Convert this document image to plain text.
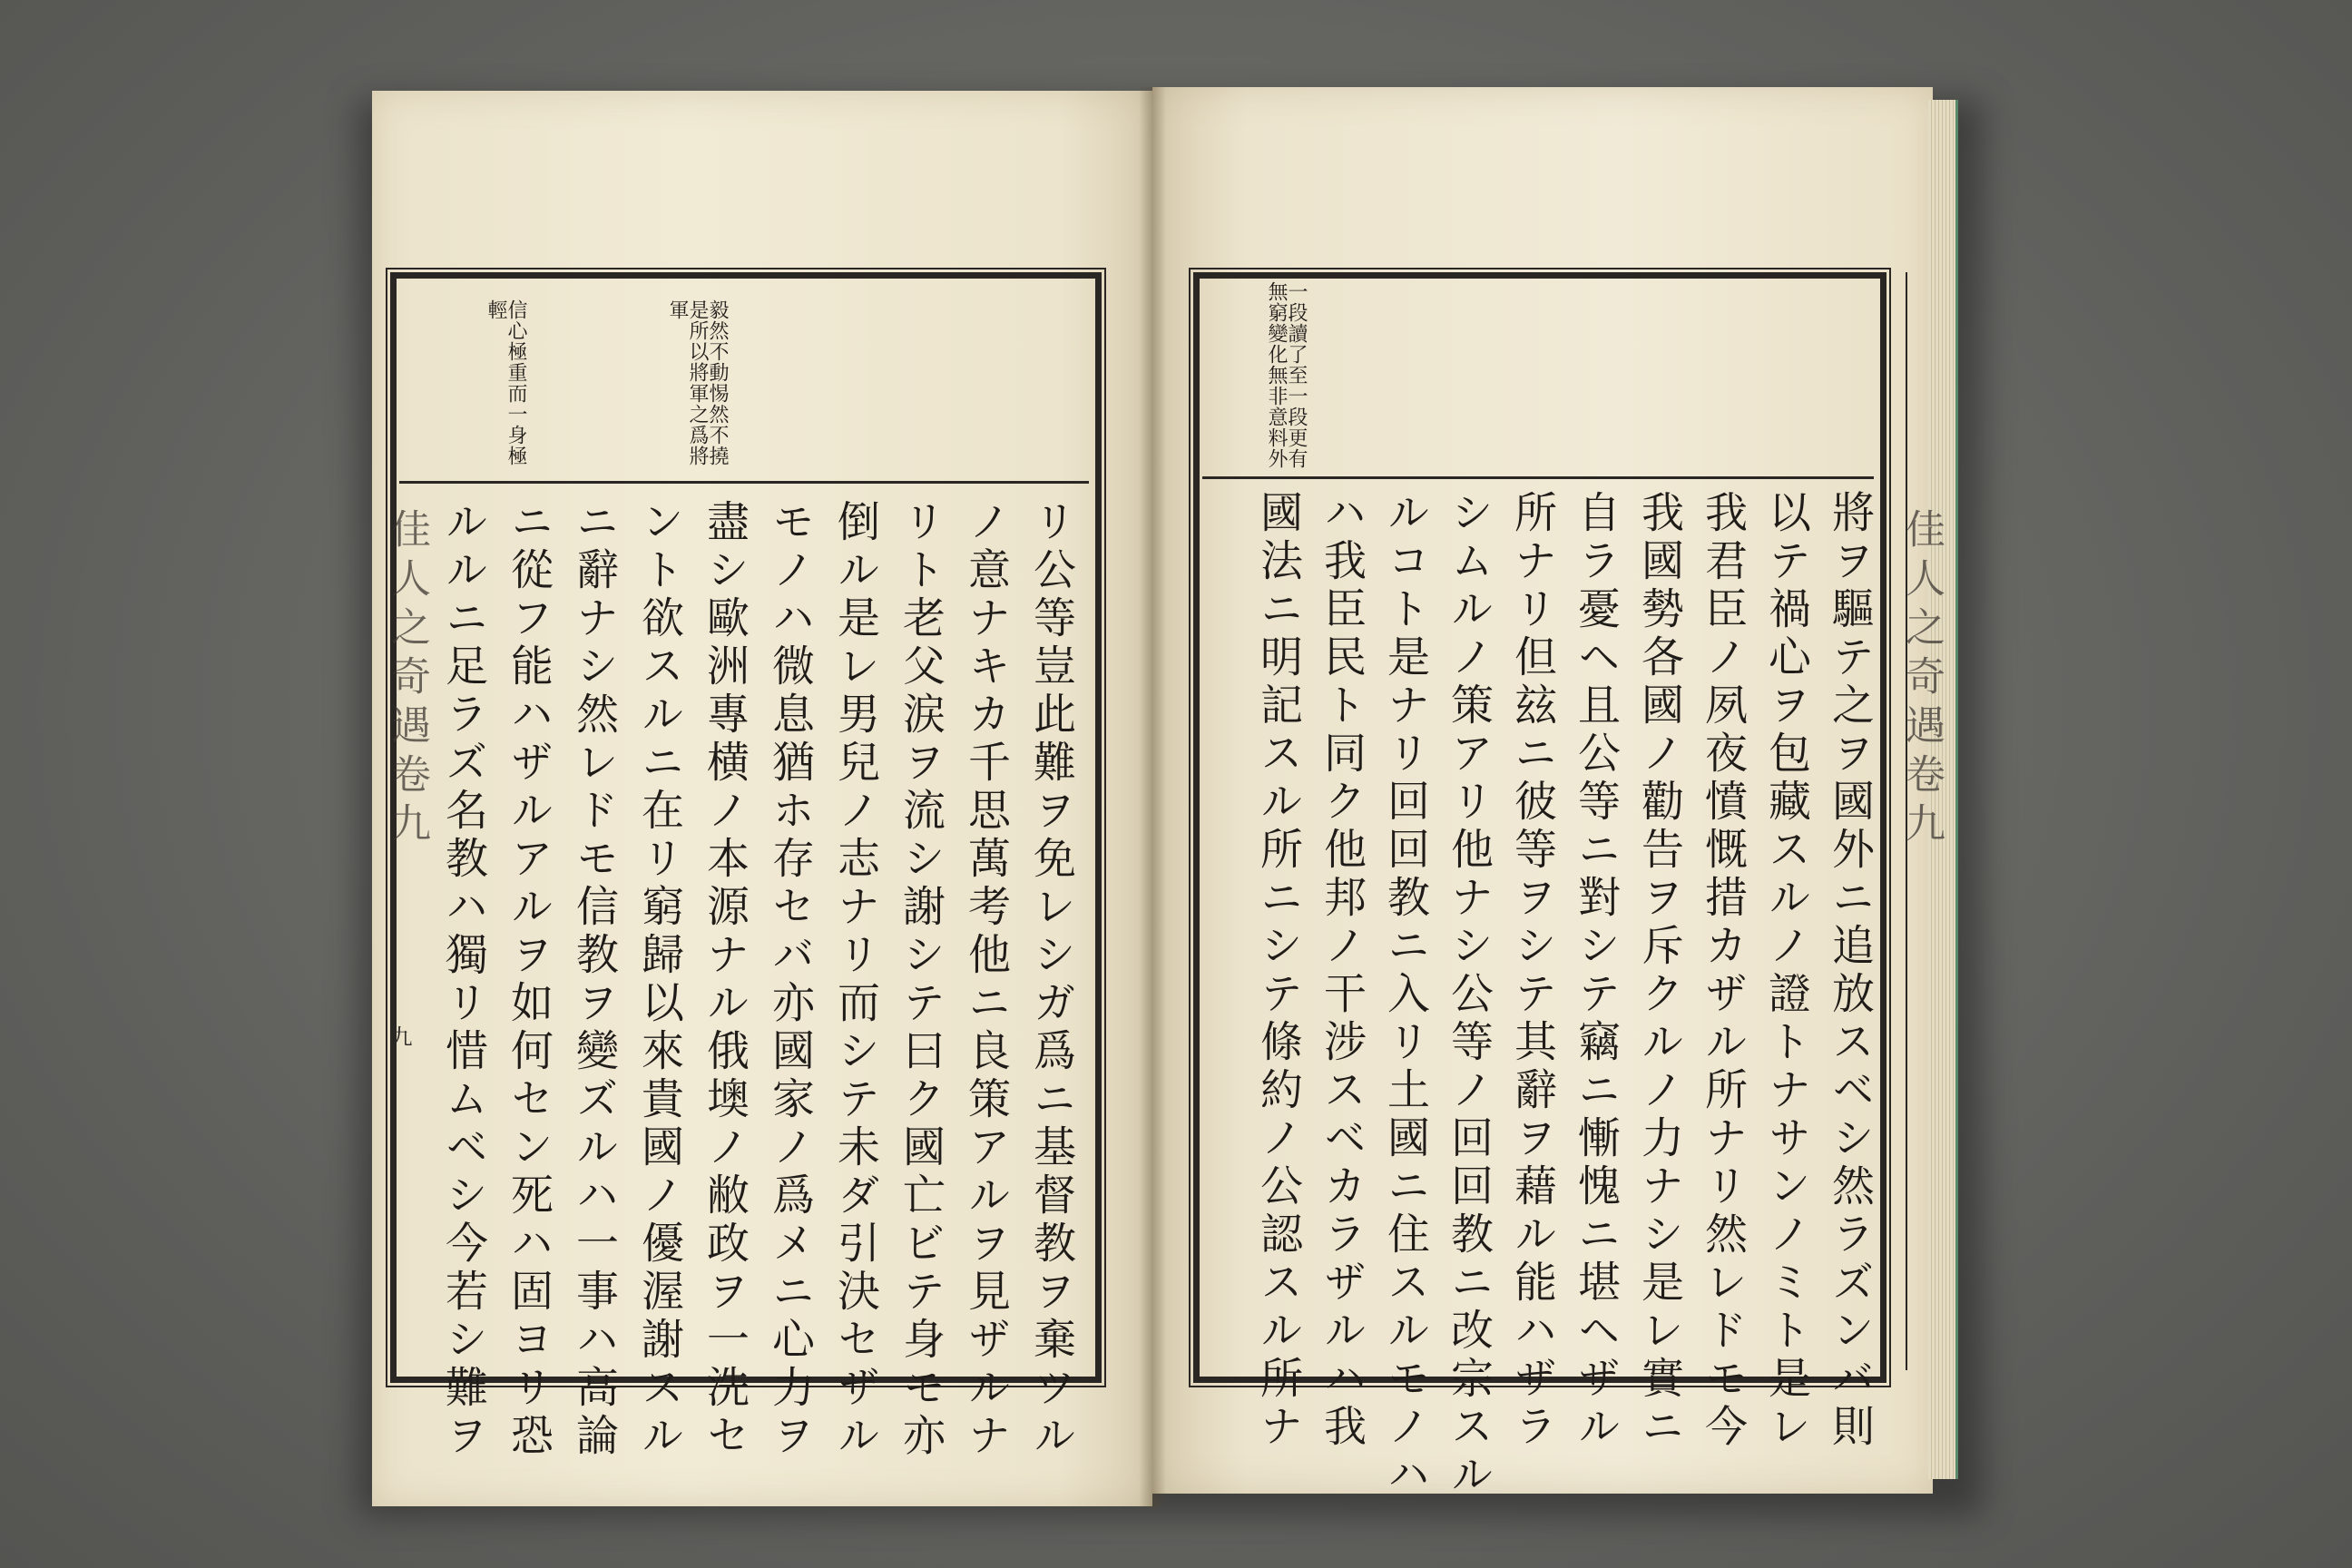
毅然不動惕然不撓是所以將軍之爲將軍
信心極重而一身極輕
リ公等豈此難ヲ免レシガ爲ニ基督教ヲ棄ツル
ノ意ナキカ千思萬考他ニ良策アルヲ見ザルナ
リト老父涙ヲ流シ謝シテ曰ク國亡ビテ身モ亦
倒ル是レ男兒ノ志ナリ而シテ未ダ引決セザル
モノハ微息猶ホ存セバ亦國家ノ爲メニ心力ヲ
盡シ歐洲專横ノ本源ナル俄墺ノ敝政ヲ一洗セ
ント欲スルニ在リ窮歸以來貴國ノ優渥謝スル
ニ辭ナシ然レドモ信教ヲ變ズルハ一事ハ高論
ニ從フ能ハザルアルヲ如何セン死ハ固ヨリ恐
ルルニ足ラズ名教ハ獨リ惜ムベシ今若シ難ヲ
佳人之奇遇卷九
九
一段讀了至一段更有無窮變化無非意料外
將ヲ驅テ之ヲ國外ニ追放スベシ然ラズンバ則
以テ禍心ヲ包藏スルノ證トナサンノミト是レ
我君臣ノ夙夜憤慨措カザル所ナリ然レドモ今
我國勢各國ノ勸告ヲ斥クルノ力ナシ是レ實ニ
自ラ憂ヘ且公等ニ對シテ竊ニ慚愧ニ堪ヘザル
所ナリ但玆ニ彼等ヲシテ其辭ヲ藉ル能ハザラ
シムルノ策アリ他ナシ公等ノ回回教ニ改宗スル
ルコト是ナリ回回教ニ入リ土國ニ住スルモノハ
ハ我臣民ト同ク他邦ノ干涉スベカラザルハ我
國法ニ明記スル所ニシテ條約ノ公認スル所ナ	佳人之奇遇卷九
